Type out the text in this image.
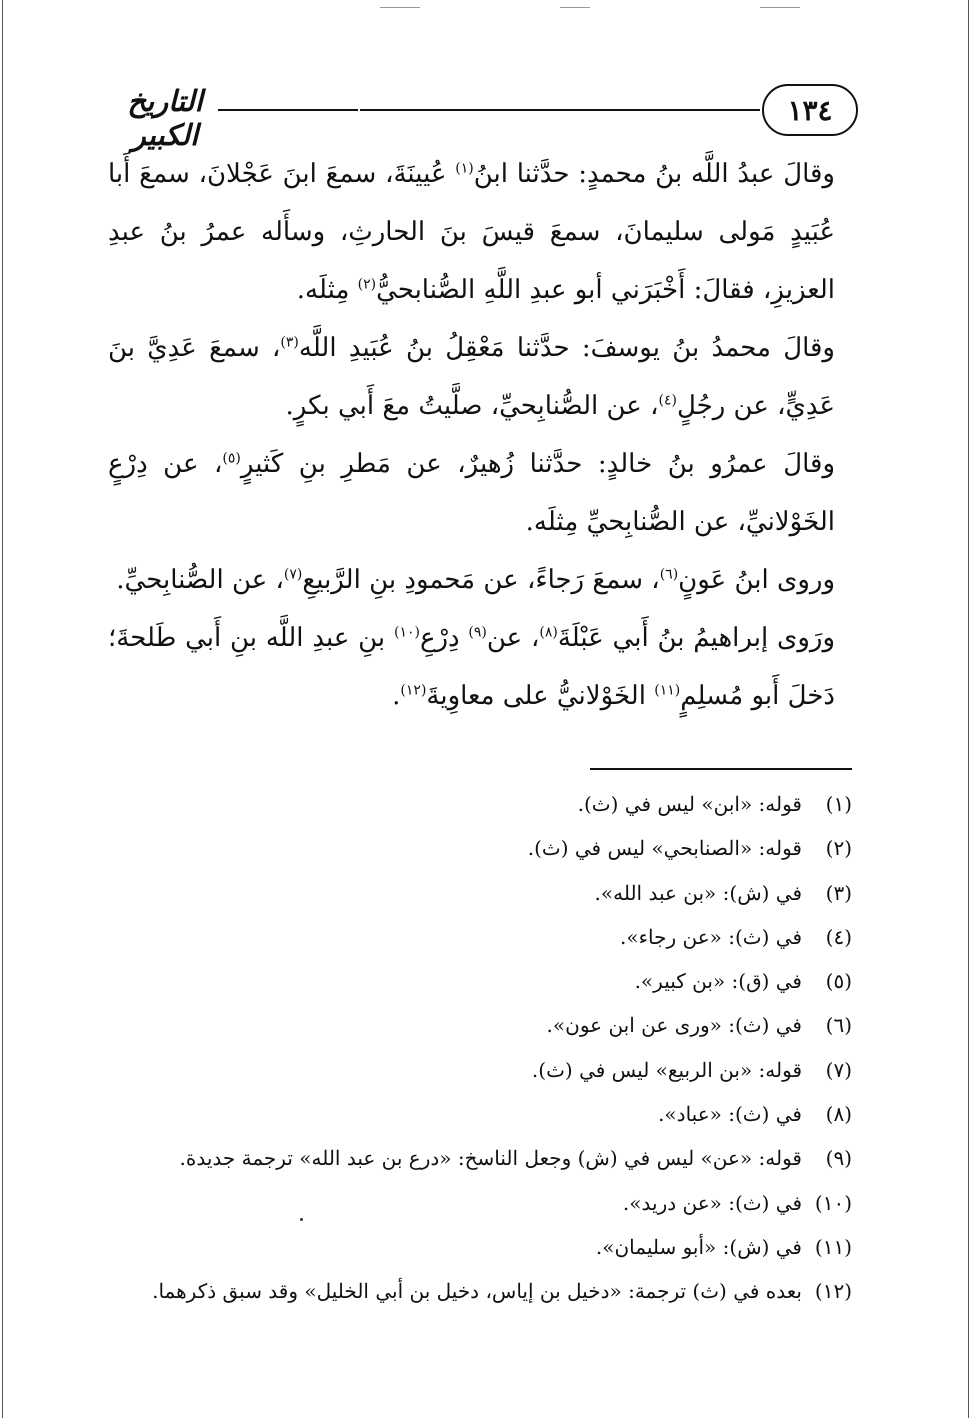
التاريخ الكبير
١٣٤

وقالَ عبدُ اللَّه بنُ محمدٍ: حدَّثنا ابنُ$^{(١)}$ عُيينَةَ، سمعَ ابنَ عَجْلانَ، سمعَ أَبا عُبَيدٍ مَولى سليمانَ، سمعَ قيسَ بنَ الحارثِ، وسأَله عمرُ بنُ عبدِ العزيزِ، فقالَ: أَخْبَرَني أبو عبدِ اللَّهِ الصُّنابحيُّ$^{(٢)}$ مِثلَه.

وقالَ محمدُ بنُ يوسفَ: حدَّثنا مَعْقِلُ بنُ عُبَيدِ اللَّه$^{(٣)}$، سمعَ عَدِيَّ بنَ عَدِيٍّ، عن رجُلٍ$^{(٤)}$، عن الصُّنابِحيِّ، صلَّيتُ معَ أَبي بكرٍ.

وقالَ عمرُو بنُ خالدٍ: حدَّثنا زُهيرٌ، عن مَطرِ بنِ كَثيرٍ$^{(٥)}$، عن دِرْعٍ الخَوْلانيِّ، عن الصُّنابِحيِّ مِثلَه.

وروى ابنُ عَونٍ$^{(٦)}$، سمعَ رَجاءً، عن مَحمودِ بنِ الرَّبيعِ$^{(٧)}$، عن الصُّنابِحيِّ.

ورَوى إبراهيمُ بنُ أَبي عَبْلَةَ$^{(٨)}$، عن$^{(٩)}$ دِرْعِ$^{(١٠)}$ بنِ عبدِ اللَّه بنِ أَبي طَلحةَ؛ دَخلَ أَبو مُسلِمٍ$^{(١١)}$ الخَوْلانيُّ على معاوِيةَ$^{(١٢)}$.

(١)
قوله: «ابن» ليس في (ث).
(٢)
قوله: «الصنابحي» ليس في (ث).
(٣)
في (ش): «بن عبد الله».
(٤)
في (ث): «عن رجاء».
(٥)
في (ق): «بن كبير».
(٦)
في (ث): «ورى عن ابن عون».
(٧)
قوله: «بن الربيع» ليس في (ث).
(٨)
في (ث): «عباد».
(٩)
قوله: «عن» ليس في (ش) وجعل الناسخ: «درع بن عبد الله» ترجمة جديدة.
(١٠)
في (ث): «عن دريد».
(١١)
في (ش): «أبو سليمان».
(١٢)
بعده في (ث) ترجمة: «دخيل بن إياس، دخيل بن أبي الخليل» وقد سبق ذكرهما.
